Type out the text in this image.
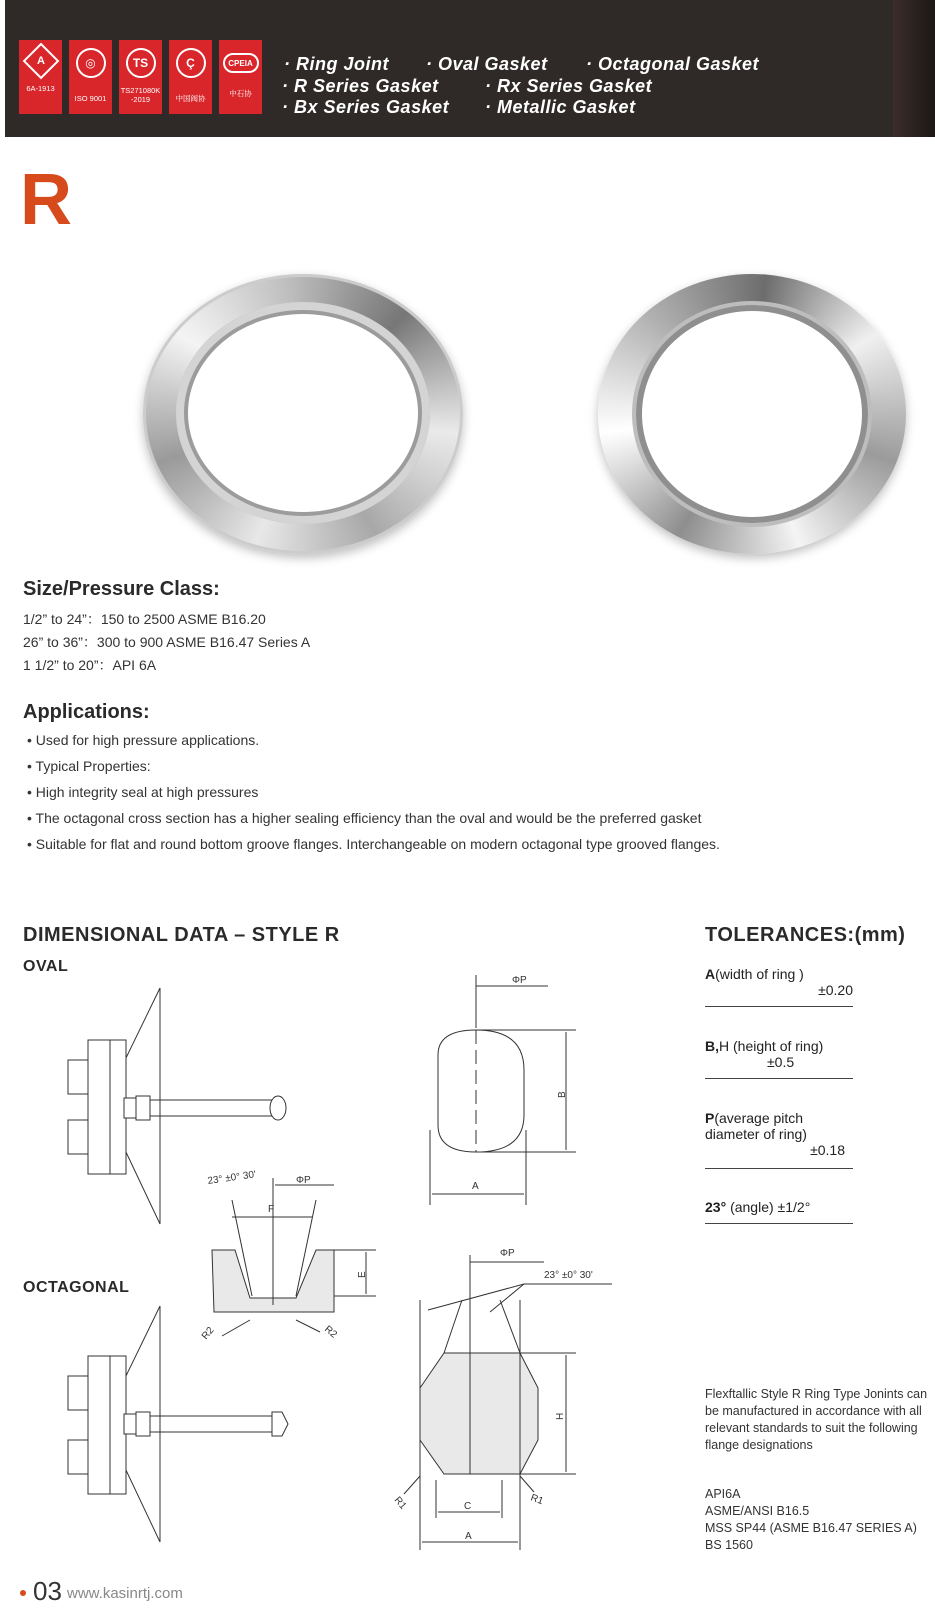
A
6A-1913
◎
ISO 9001
TS
TS271080K -2019
Ç
中国阀协
CPEIA
中石协
· Ring Joint · Oval Gasket · Octagonal Gasket
· R Series Gasket	· Rx Series Gasket
· Bx Series Gasket · Metallic Gasket
R
Size/Pressure Class:
1/2” to 24”：150 to 2500 ASME B16.20
26” to 36”：300 to 900 ASME B16.47 Series A
1 1/2” to 20”：API 6A
Applications:
• Used for high pressure applications.
• Typical Properties:
• High integrity seal at high pressures
• The octagonal cross section has a higher sealing efficiency than the oval and would be the preferred gasket
• Suitable for flat and round bottom groove flanges. Interchangeable on modern octagonal type grooved flanges.
DIMENSIONAL DATA – STYLE R
OVAL
OCTAGONAL
ΦP
B
A
23° ±0° 30'	ΦP
F
E
R2	R2
ΦP
23° ±0° 30'
H
R1	R1
C
A
TOLERANCES:(mm)
A(width of ring )
±0.20
B,H (height of ring)
±0.5
P(average pitch diameter of ring)
±0.18
23° (angle) ±1/2°
Flexftallic Style R Ring Type Jonints can be manufactured in accordance with all relevant standards to suit the following flange designations
API6A
ASME/ANSI B16.5
MSS SP44 (ASME B16.47 SERIES A)
BS 1560
03 www.kasinrtj.com
